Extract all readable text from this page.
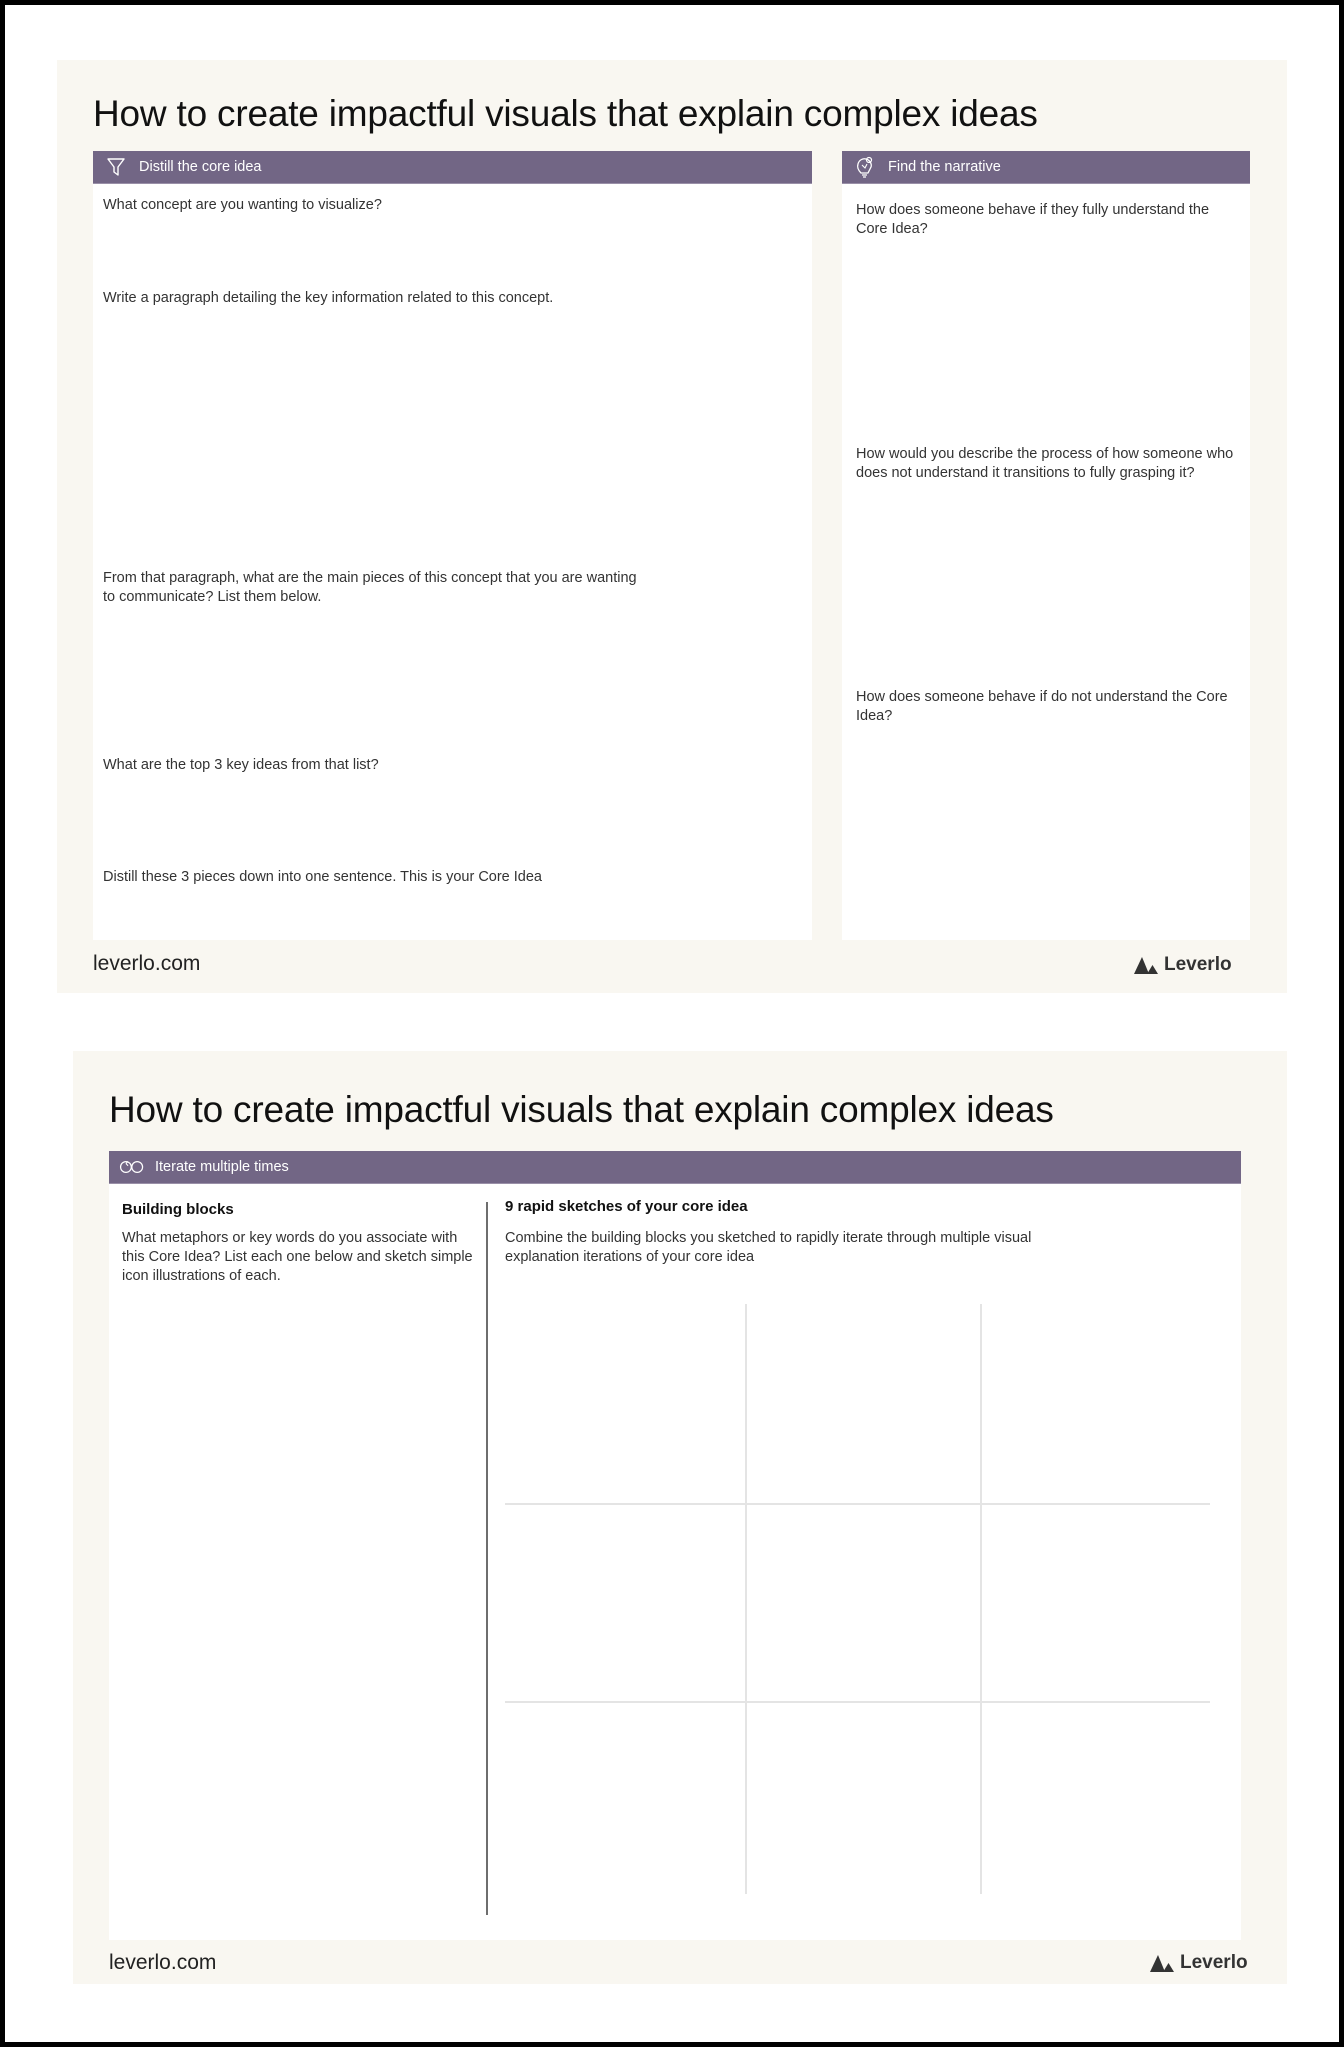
How to create impactful visuals that explain complex ideas
Distill the core idea
What concept are you wanting to visualize?
Write a paragraph detailing the key information related to this concept.
From that paragraph, what are the main pieces of this concept that you are wanting to communicate? List them below.
What are the top 3 key ideas from that list?
Distill these 3 pieces down into one sentence. This is your Core Idea
Find the narrative
How does someone behave if they fully understand the Core Idea?
How would you describe the process of how someone who does not understand it transitions to fully grasping it?
How does someone behave if do not understand the Core Idea?
leverlo.com	Leverlo
How to create impactful visuals that explain complex ideas
Iterate multiple times
Building blocks
What metaphors or key words do you associate with this Core Idea? List each one below and sketch simple icon illustrations of each.
9 rapid sketches of your core idea
Combine the building blocks you sketched to rapidly iterate through multiple visual explanation iterations of your core idea
leverlo.com	Leverlo
